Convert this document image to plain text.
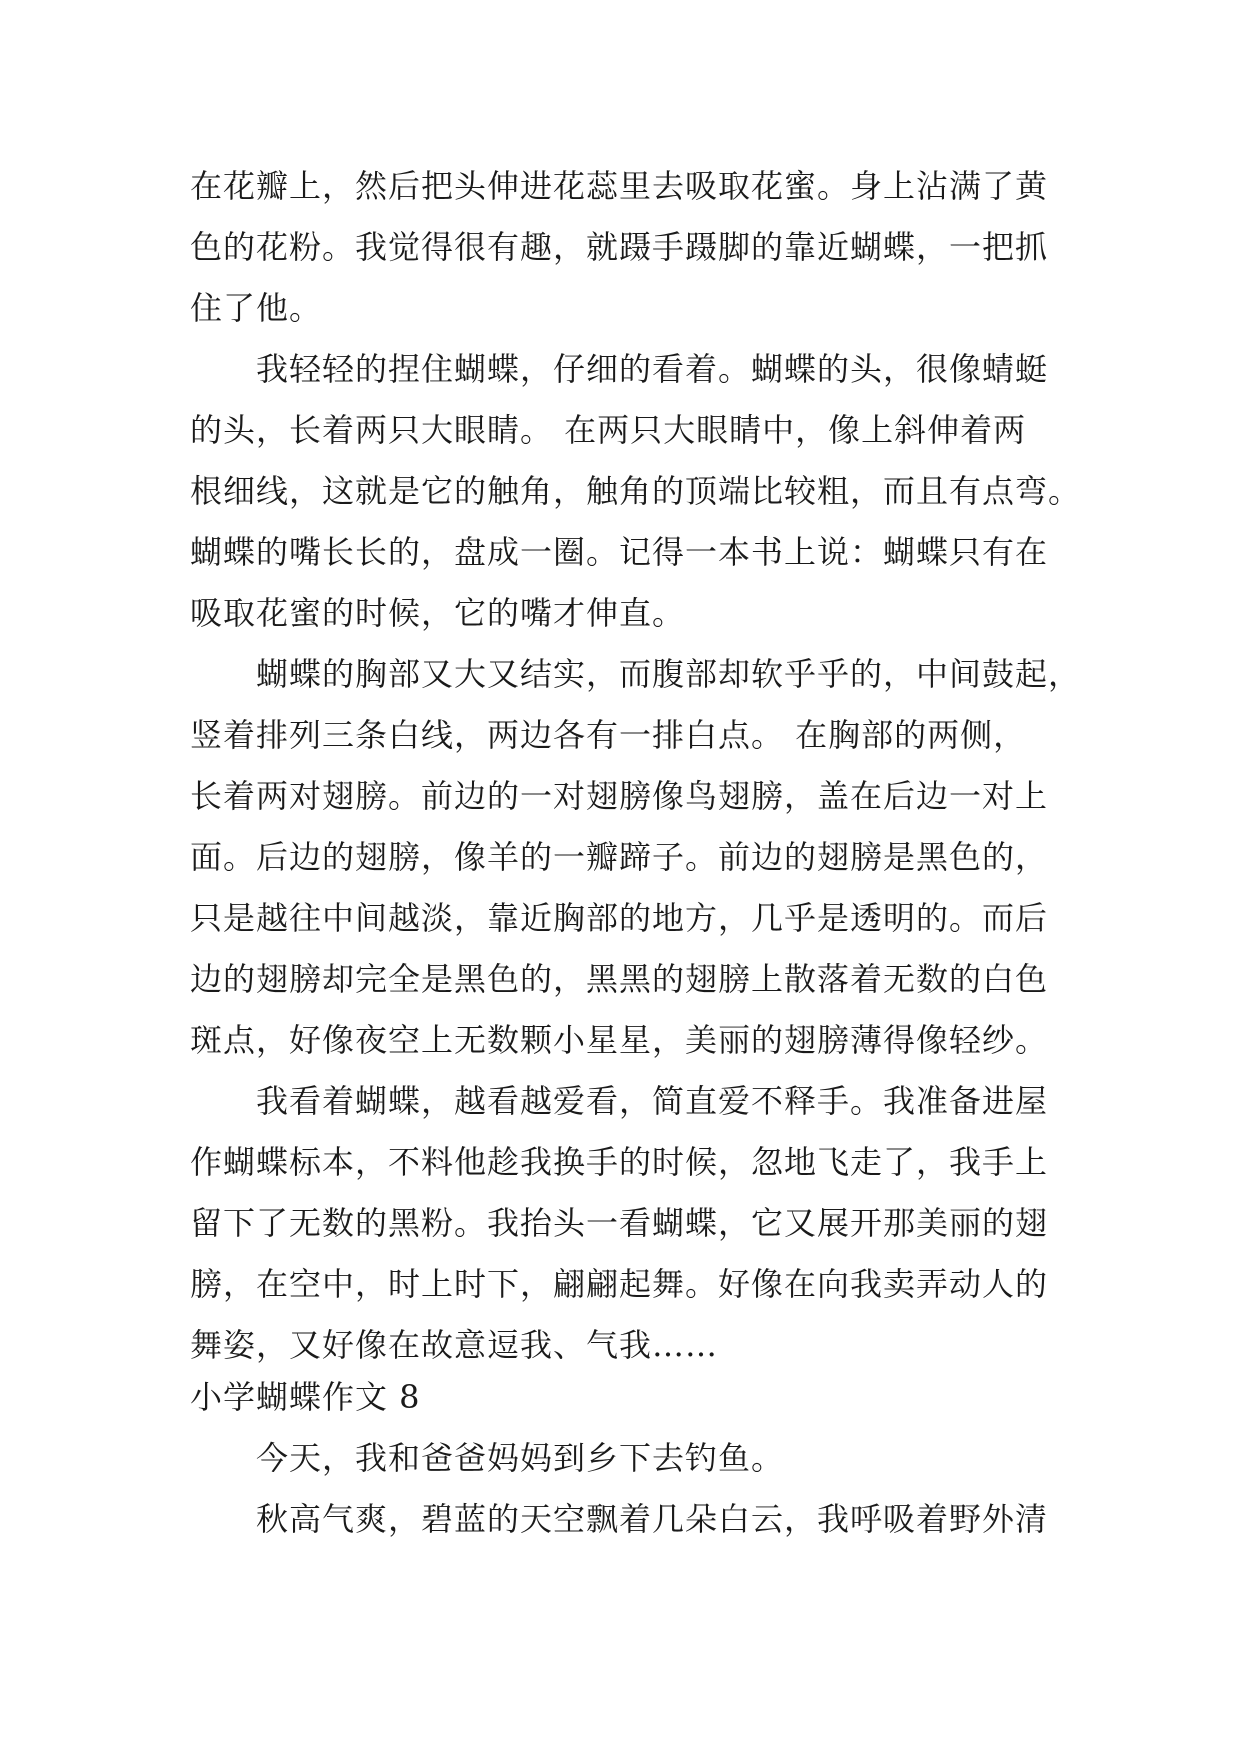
在花瓣上，然后把头伸进花蕊里去吸取花蜜。身上沾满了黄
色的花粉。我觉得很有趣，就蹑手蹑脚的靠近蝴蝶，一把抓
住了他。
我轻轻的捏住蝴蝶，仔细的看着。蝴蝶的头，很像蜻蜓
的头，长着两只大眼睛。 在两只大眼睛中，像上斜伸着两
根细线，这就是它的触角，触角的顶端比较粗，而且有点弯。
蝴蝶的嘴长长的，盘成一圈。记得一本书上说：蝴蝶只有在
吸取花蜜的时候，它的嘴才伸直。
蝴蝶的胸部又大又结实，而腹部却软乎乎的，中间鼓起，
竖着排列三条白线，两边各有一排白点。 在胸部的两侧，
长着两对翅膀。前边的一对翅膀像鸟翅膀，盖在后边一对上
面。后边的翅膀，像羊的一瓣蹄子。前边的翅膀是黑色的，
只是越往中间越淡，靠近胸部的地方，几乎是透明的。而后
边的翅膀却完全是黑色的，黑黑的翅膀上散落着无数的白色
斑点，好像夜空上无数颗小星星，美丽的翅膀薄得像轻纱。
我看着蝴蝶，越看越爱看，简直爱不释手。我准备进屋
作蝴蝶标本，不料他趁我换手的时候，忽地飞走了，我手上
留下了无数的黑粉。我抬头一看蝴蝶，它又展开那美丽的翅
膀，在空中，时上时下，翩翩起舞。好像在向我卖弄动人的
舞姿，又好像在故意逗我、气我……
小学蝴蝶作文 8
今天，我和爸爸妈妈到乡下去钓鱼。
秋高气爽，碧蓝的天空飘着几朵白云，我呼吸着野外清
